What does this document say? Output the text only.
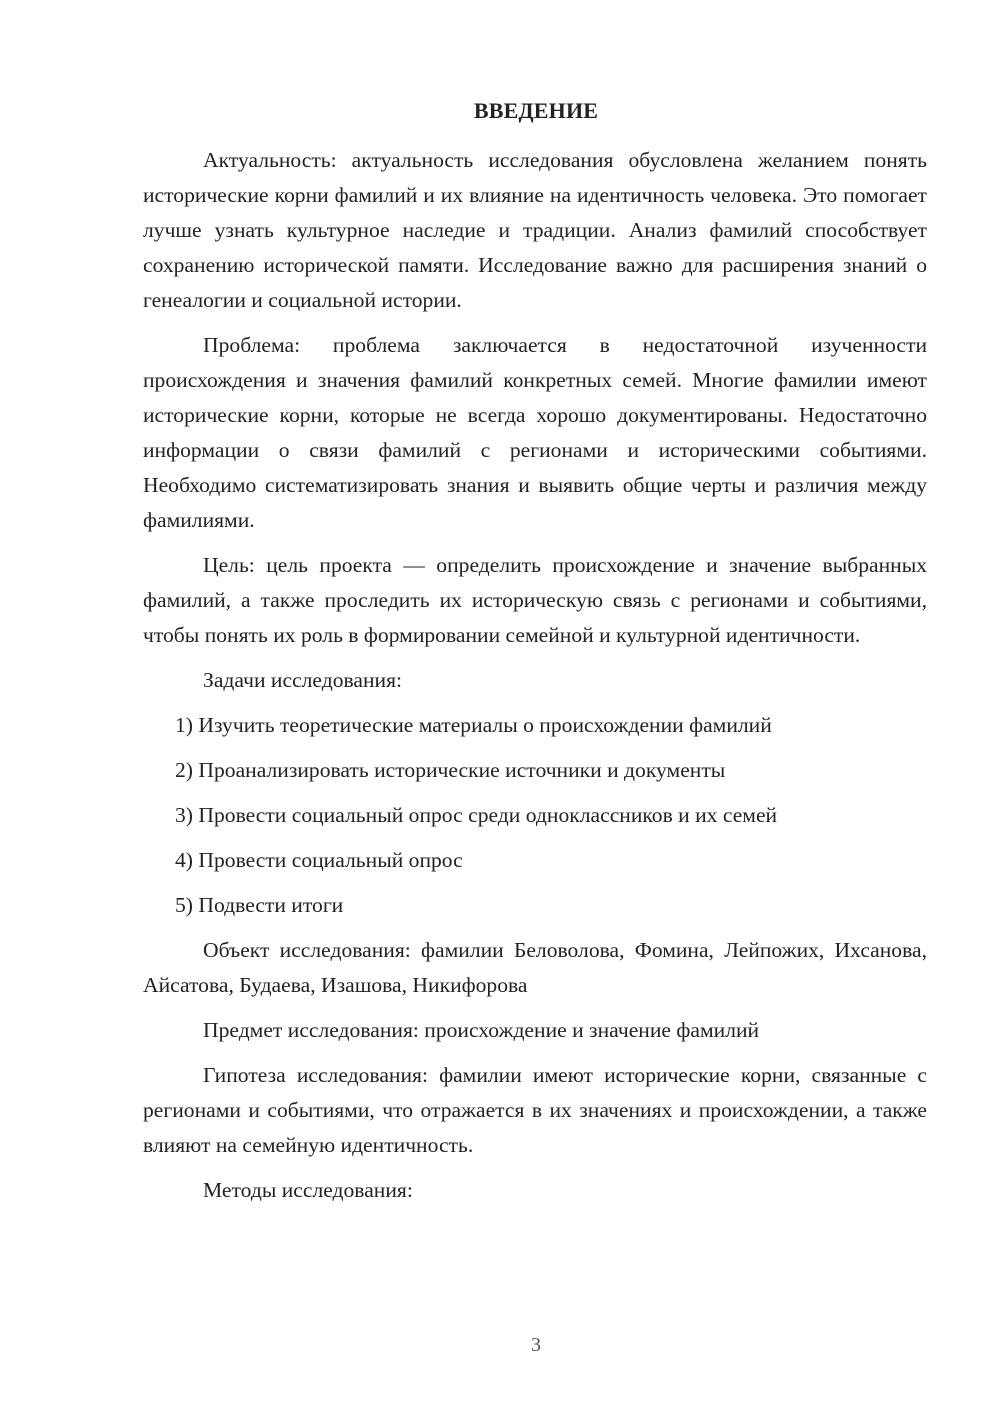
ВВЕДЕНИЕ

Актуальность: актуальность исследования обусловлена желанием понять исторические корни фамилий и их влияние на идентичность человека. Это помогает лучше узнать культурное наследие и традиции. Анализ фамилий способствует сохранению исторической памяти. Исследование важно для расширения знаний о генеалогии и социальной истории.

Проблема: проблема заключается в недостаточной изученности происхождения и значения фамилий конкретных семей. Многие фамилии имеют исторические корни, которые не всегда хорошо документированы. Недостаточно информации о связи фамилий с регионами и историческими событиями. Необходимо систематизировать знания и выявить общие черты и различия между фамилиями.

Цель: цель проекта — определить происхождение и значение выбранных фамилий, а также проследить их историческую связь с регионами и событиями, чтобы понять их роль в формировании семейной и культурной идентичности.

Задачи исследования:

1) Изучить теоретические материалы о происхождении фамилий
2) Проанализировать исторические источники и документы
3) Провести социальный опрос среди одноклассников и их семей
4) Провести социальный опрос
5) Подвести итоги

Объект исследования: фамилии Беловолова, Фомина, Лейпожих, Ихсанова, Айсатова, Будаева, Изашова, Никифорова

Предмет исследования: происхождение и значение фамилий

Гипотеза исследования: фамилии имеют исторические корни, связанные с регионами и событиями, что отражается в их значениях и происхождении, а также влияют на семейную идентичность.

Методы исследования:

3
